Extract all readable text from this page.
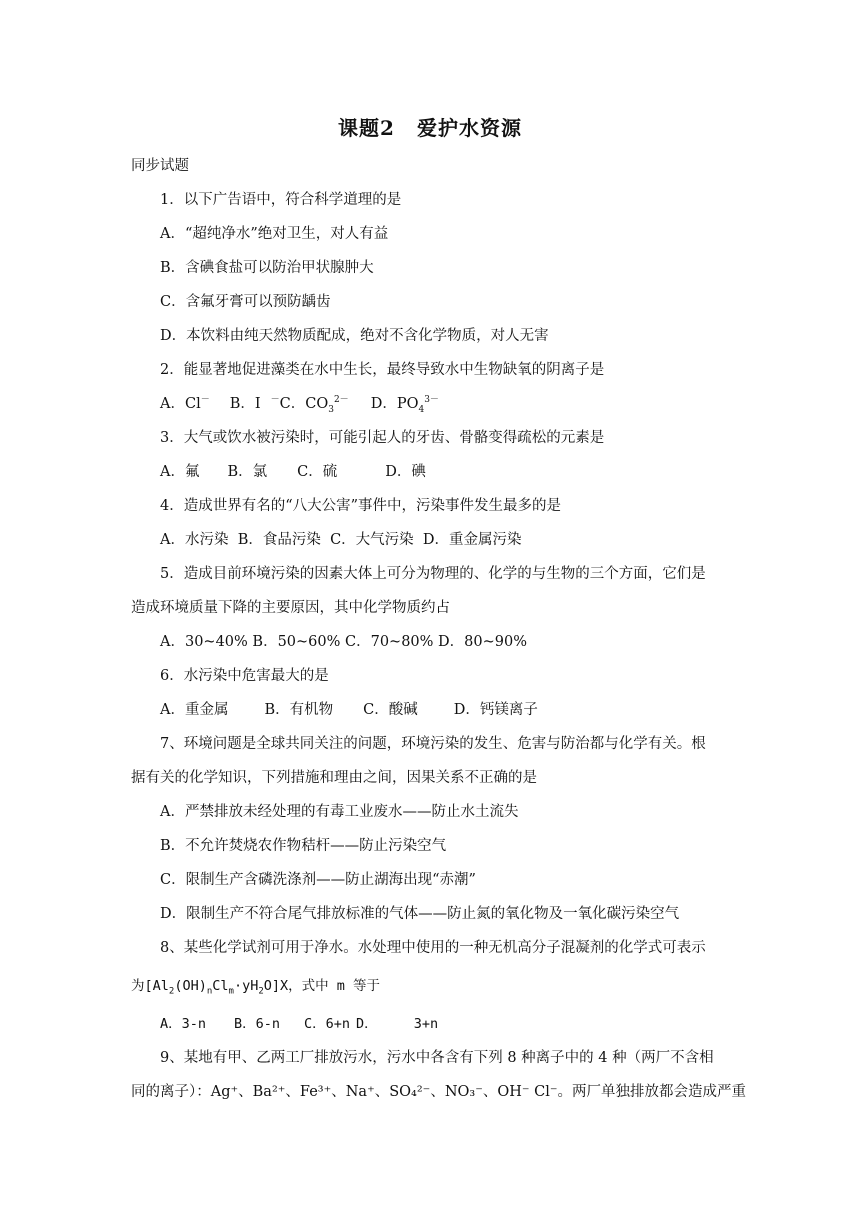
课题2 爱护水资源
同步试题
1．以下广告语中，符合科学道理的是
A．“超纯净水”绝对卫生，对人有益
B．含碘食盐可以防治甲状腺肿大
C．含氟牙膏可以预防龋齿
D．本饮料由纯天然物质配成，绝对不含化学物质，对人无害
2．能显著地促进藻类在水中生长，最终导致水中生物缺氧的阴离子是
A．Cl－ B．I －C．$CO_3^{2-}$ D．$PO_4^{3-}$
3．大气或饮水被污染时，可能引起人的牙齿、骨骼变得疏松的元素是
A．氟 B．氯 C．硫	D．碘
4．造成世界有名的“八大公害”事件中，污染事件发生最多的是
A．水污染  B．食品污染  C．大气污染  D．重金属污染
5．造成目前环境污染的因素大体上可分为物理的、化学的与生物的三个方面，它们是
造成环境质量下降的主要原因，其中化学物质约占
A．30~40% B．50~60% C．70~80% D．80~90%
6．水污染中危害最大的是
A．重金属 B．有机物 C．酸碱 D．钙镁离子
7、环境问题是全球共同关注的问题，环境污染的发生、危害与防治都与化学有关。根
据有关的化学知识，下列措施和理由之间，因果关系不正确的是
A．严禁排放未经处理的有毒工业废水——防止水土流失
B．不允许焚烧农作物秸杆——防止污染空气
C．限制生产含磷洗涤剂——防止湖海出现“赤潮”
D．限制生产不符合尾气排放标准的气体——防止氮的氧化物及一氧化碳污染空气
8、某些化学试剂可用于净水。水处理中使用的一种无机高分子混凝剂的化学式可表示
为$[Al_2(OH)_nCl_m\cdot yH_2O]X$，式中 m 等于
A．3-n B．6-n C．6+n D．	3+n
9、某地有甲、乙两工厂排放污水，污水中各含有下列 8 种离子中的 4 种（两厂不含相
同的离子）：Ag⁺、Ba²⁺、Fe³⁺、Na⁺、SO₄²⁻、NO₃⁻、OH⁻ Cl⁻。两厂单独排放都会造成严重
